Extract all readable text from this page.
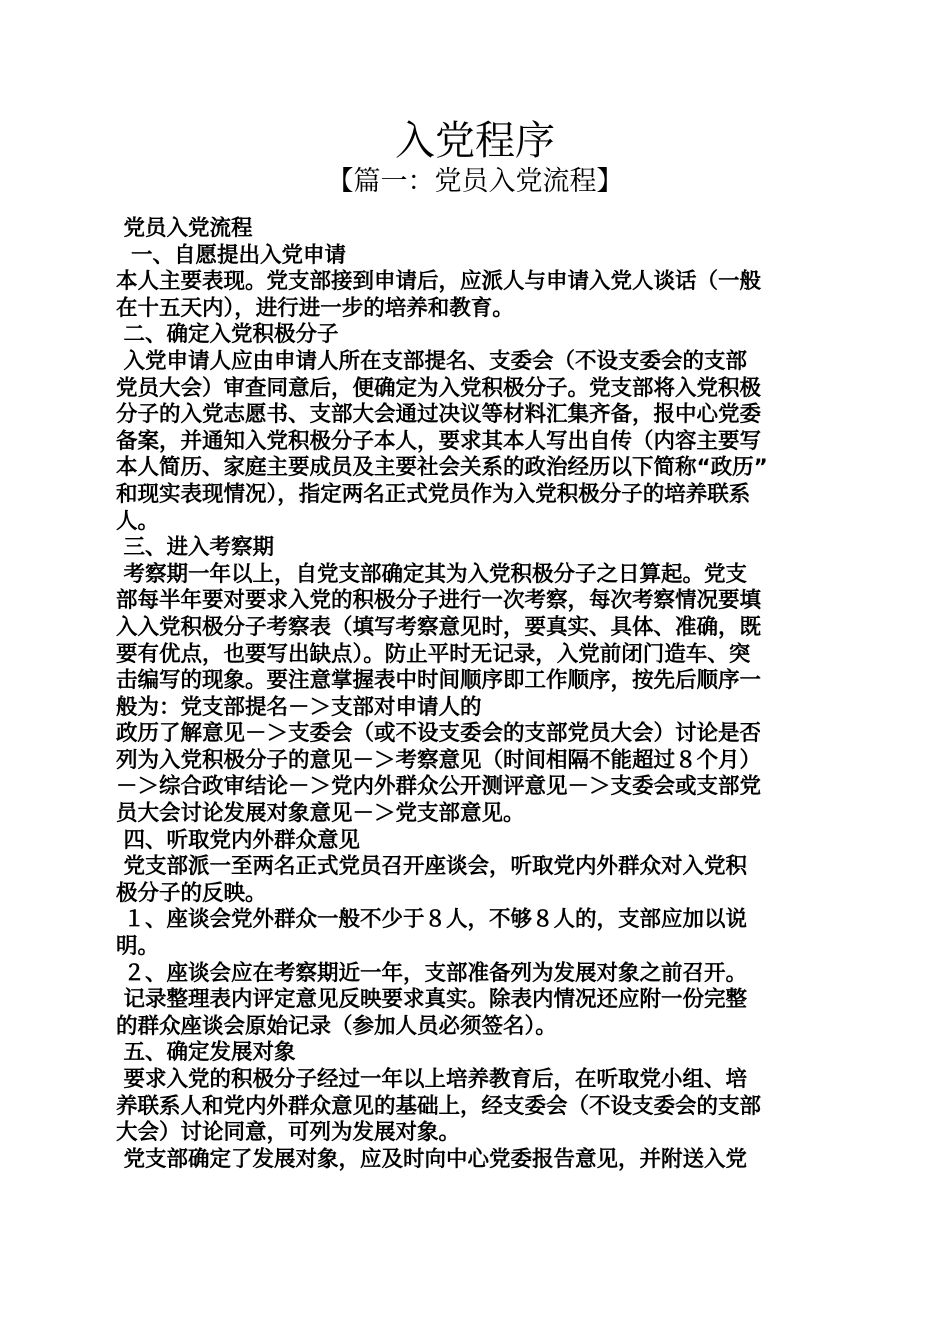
入党程序
【篇一：党员入党流程】
党员入党流程
一、自愿提出入党申请
本人主要表现。党支部接到申请后，应派人与申请入党人谈话（一般
在十五天内），进行进一步的培养和教育。
二、确定入党积极分子
入党申请人应由申请人所在支部提名、支委会（不设支委会的支部
党员大会）审查同意后，便确定为入党积极分子。党支部将入党积极
分子的入党志愿书、支部大会通过决议等材料汇集齐备，报中心党委
备案，并通知入党积极分子本人，要求其本人写出自传（内容主要写
本人简历、家庭主要成员及主要社会关系的政治经历以下简称“政历”
和现实表现情况），指定两名正式党员作为入党积极分子的培养联系
人。
三、进入考察期
考察期一年以上，自党支部确定其为入党积极分子之日算起。党支
部每半年要对要求入党的积极分子进行一次考察，每次考察情况要填
入入党积极分子考察表（填写考察意见时，要真实、具体、准确，既
要有优点，也要写出缺点）。防止平时无记录，入党前闭门造车、突
击编写的现象。要注意掌握表中时间顺序即工作顺序，按先后顺序一
般为：党支部提名－＞支部对申请人的
政历了解意见－＞支委会（或不设支委会的支部党员大会）讨论是否
列为入党积极分子的意见－＞考察意见（时间相隔不能超过８个月）
－＞综合政审结论－＞党内外群众公开测评意见－＞支委会或支部党
员大会讨论发展对象意见－＞党支部意见。
四、听取党内外群众意见
党支部派一至两名正式党员召开座谈会，听取党内外群众对入党积
极分子的反映。
１、座谈会党外群众一般不少于８人，不够８人的，支部应加以说
明。
２、座谈会应在考察期近一年，支部准备列为发展对象之前召开。
记录整理表内评定意见反映要求真实。除表内情况还应附一份完整
的群众座谈会原始记录（参加人员必须签名）。
五、确定发展对象
要求入党的积极分子经过一年以上培养教育后，在听取党小组、培
养联系人和党内外群众意见的基础上，经支委会（不设支委会的支部
大会）讨论同意，可列为发展对象。
党支部确定了发展对象，应及时向中心党委报告意见，并附送入党
